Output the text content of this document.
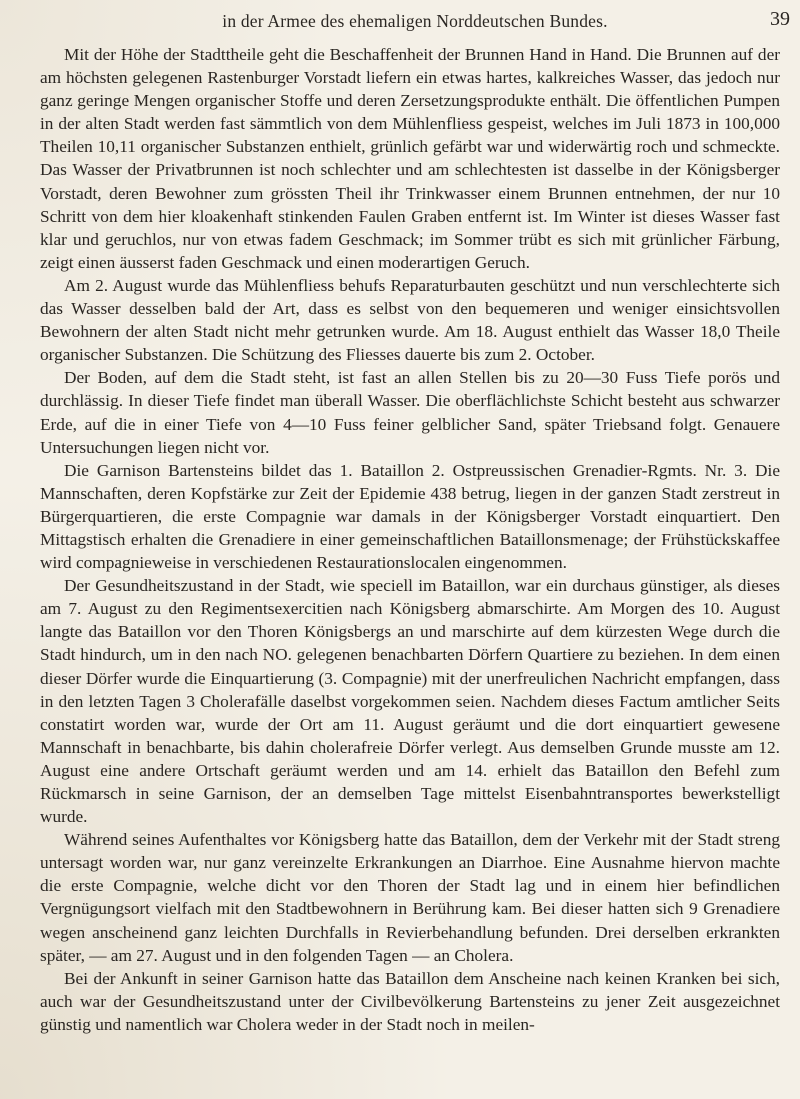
in der Armee des ehemaligen Norddeutschen Bundes.	39

Mit der Höhe der Stadttheile geht die Beschaffenheit der Brunnen Hand in Hand. Die Brunnen auf der am höchsten gelegenen Rastenburger Vorstadt liefern ein etwas hartes, kalkreiches Wasser, das jedoch nur ganz geringe Mengen organischer Stoffe und deren Zersetzungsprodukte enthält. Die öffentlichen Pumpen in der alten Stadt werden fast sämmtlich von dem Mühlenfliess gespeist, welches im Juli 1873 in 100,000 Theilen 10,11 organischer Substanzen enthielt, grünlich gefärbt war und widerwärtig roch und schmeckte. Das Wasser der Privatbrunnen ist noch schlechter und am schlechtesten ist dasselbe in der Königsberger Vorstadt, deren Bewohner zum grössten Theil ihr Trinkwasser einem Brunnen entnehmen, der nur 10 Schritt von dem hier kloakenhaft stinkenden Faulen Graben entfernt ist. Im Winter ist dieses Wasser fast klar und geruchlos, nur von etwas fadem Geschmack; im Sommer trübt es sich mit grünlicher Färbung, zeigt einen äusserst faden Geschmack und einen moderartigen Geruch.

Am 2. August wurde das Mühlenfliess behufs Reparaturbauten geschützt und nun verschlechterte sich das Wasser desselben bald der Art, dass es selbst von den bequemeren und weniger einsichtsvollen Bewohnern der alten Stadt nicht mehr getrunken wurde. Am 18. August enthielt das Wasser 18,0 Theile organischer Substanzen. Die Schützung des Fliesses dauerte bis zum 2. October.

Der Boden, auf dem die Stadt steht, ist fast an allen Stellen bis zu 20—30 Fuss Tiefe porös und durchlässig. In dieser Tiefe findet man überall Wasser. Die oberflächlichste Schicht besteht aus schwarzer Erde, auf die in einer Tiefe von 4—10 Fuss feiner gelblicher Sand, später Triebsand folgt. Genauere Untersuchungen liegen nicht vor.

Die Garnison Bartensteins bildet das 1. Bataillon 2. Ostpreussischen Grenadier-Rgmts. Nr. 3. Die Mannschaften, deren Kopfstärke zur Zeit der Epidemie 438 betrug, liegen in der ganzen Stadt zerstreut in Bürgerquartieren, die erste Compagnie war damals in der Königsberger Vorstadt einquartiert. Den Mittagstisch erhalten die Grenadiere in einer gemeinschaftlichen Bataillonsmenage; der Frühstückskaffee wird compagnieweise in verschiedenen Restaurationslocalen eingenommen.

Der Gesundheitszustand in der Stadt, wie speciell im Bataillon, war ein durchaus günstiger, als dieses am 7. August zu den Regimentsexercitien nach Königsberg abmarschirte. Am Morgen des 10. August langte das Bataillon vor den Thoren Königsbergs an und marschirte auf dem kürzesten Wege durch die Stadt hindurch, um in den nach NO. gelegenen benachbarten Dörfern Quartiere zu beziehen. In dem einen dieser Dörfer wurde die Einquartierung (3. Compagnie) mit der unerfreulichen Nachricht empfangen, dass in den letzten Tagen 3 Cholerafälle daselbst vorgekommen seien. Nachdem dieses Factum amtlicher Seits constatirt worden war, wurde der Ort am 11. August geräumt und die dort einquartiert gewesene Mannschaft in benachbarte, bis dahin cholerafreie Dörfer verlegt. Aus demselben Grunde musste am 12. August eine andere Ortschaft geräumt werden und am 14. erhielt das Bataillon den Befehl zum Rückmarsch in seine Garnison, der an demselben Tage mittelst Eisenbahntransportes bewerkstelligt wurde.

Während seines Aufenthaltes vor Königsberg hatte das Bataillon, dem der Verkehr mit der Stadt streng untersagt worden war, nur ganz vereinzelte Erkrankungen an Diarrhoe. Eine Ausnahme hiervon machte die erste Compagnie, welche dicht vor den Thoren der Stadt lag und in einem hier befindlichen Vergnügungsort vielfach mit den Stadtbewohnern in Berührung kam. Bei dieser hatten sich 9 Grenadiere wegen anscheinend ganz leichten Durchfalls in Revierbehandlung befunden. Drei derselben erkrankten später, — am 27. August und in den folgenden Tagen — an Cholera.

Bei der Ankunft in seiner Garnison hatte das Bataillon dem Anscheine nach keinen Kranken bei sich, auch war der Gesundheitszustand unter der Civilbevölkerung Bartensteins zu jener Zeit ausgezeichnet günstig und namentlich war Cholera weder in der Stadt noch in meilen-
